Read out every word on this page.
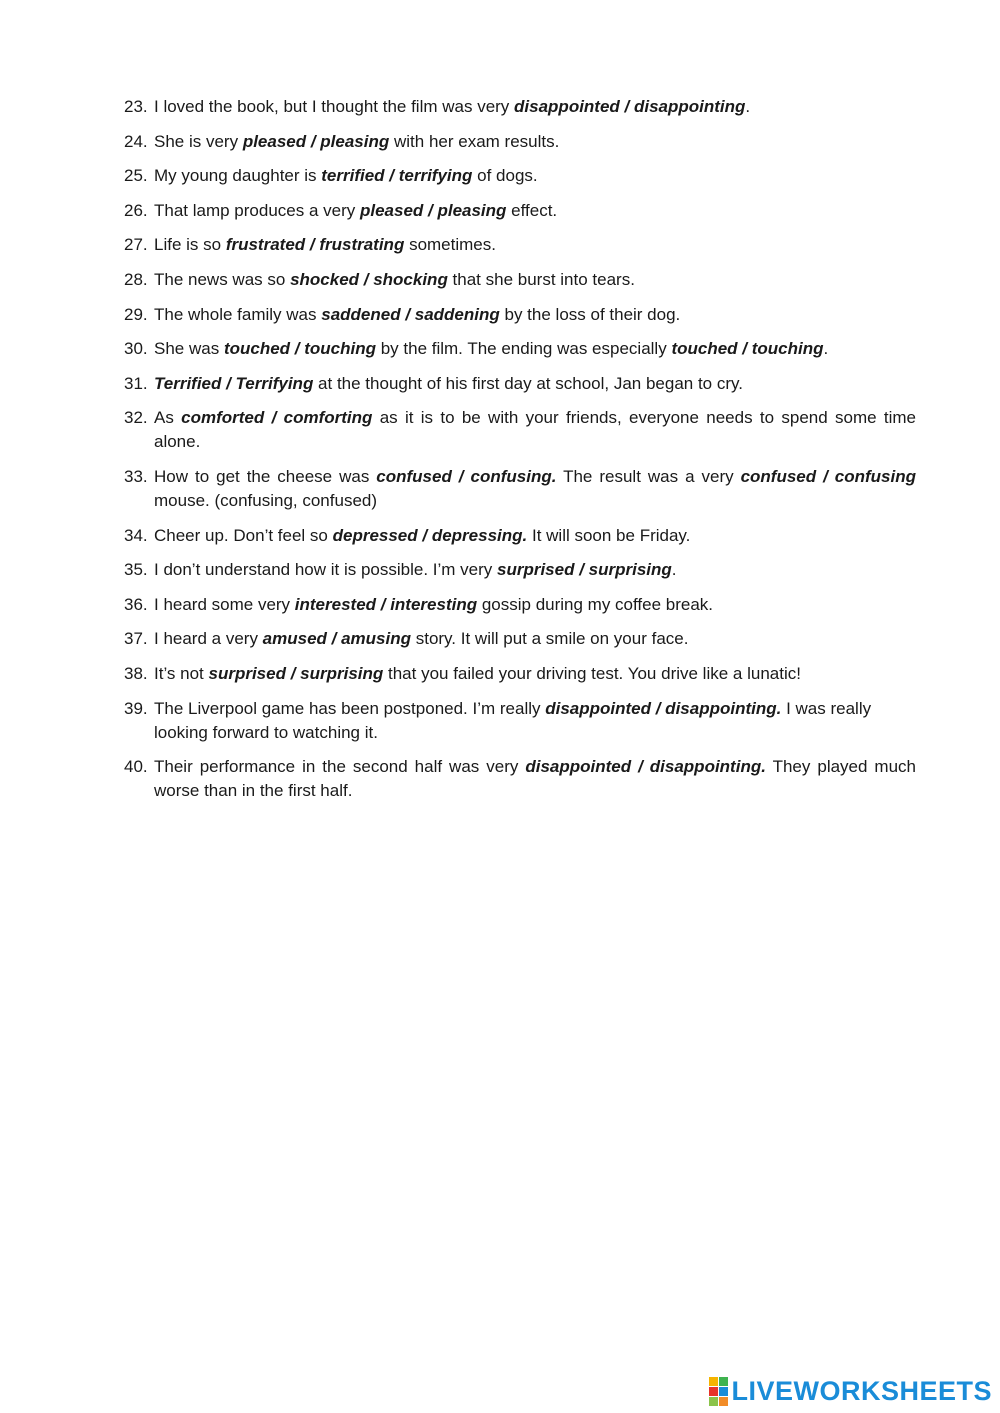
23. I loved the book, but I thought the film was very disappointed / disappointing.
24. She is very pleased / pleasing with her exam results.
25. My young daughter is terrified / terrifying of dogs.
26. That lamp produces a very pleased / pleasing effect.
27. Life is so frustrated / frustrating sometimes.
28. The news was so shocked / shocking that she burst into tears.
29. The whole family was saddened / saddening by the loss of their dog.
30. She was touched / touching by the film. The ending was especially touched / touching.
31. Terrified / Terrifying at the thought of his first day at school, Jan began to cry.
32. As comforted / comforting as it is to be with your friends, everyone needs to spend some time alone.
33. How to get the cheese was confused / confusing. The result was a very confused / confusing mouse. (confusing, confused)
34. Cheer up. Don’t feel so depressed / depressing. It will soon be Friday.
35. I don’t understand how it is possible. I’m very surprised / surprising.
36. I heard some very interested / interesting gossip during my coffee break.
37. I heard a very amused / amusing story. It will put a smile on your face.
38. It’s not surprised / surprising that you failed your driving test. You drive like a lunatic!
39. The Liverpool game has been postponed. I’m really disappointed / disappointing. I was really looking forward to watching it.
40. Their performance in the second half was very disappointed / disappointing. They played much worse than in the first half.
LIVEWORKSHEETS
